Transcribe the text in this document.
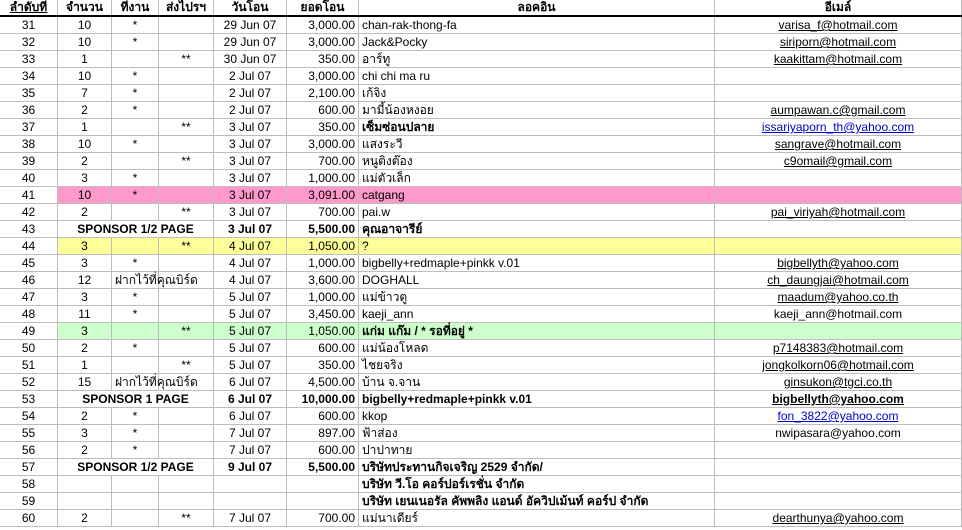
ลำดับที่	จำนวน	ที่งาน	ส่งไปรฯ	วันโอน	ยอดโอน	ลอคอิน	อีเมล์
31	10	*		29 Jun 07	3,000.00	chan-rak-thong-fa	varisa_f@hotmail.com
32	10	*		29 Jun 07	3,000.00	Jack&Pocky	siriporn@hotmail.com
33	1		**	30 Jun 07	350.00	อาร์ทู	kaakittam@hotmail.com
34	10	*		2 Jul 07	3,000.00	chi chi ma ru	
35	7	*		2 Jul 07	2,100.00	เก้จิง	
36	2	*		2 Jul 07	600.00	มามี้น้องหงอย	aumpawan.c@gmail.com
37	1		**	3 Jul 07	350.00	เซ็มซ่อนปลาย	issariyaporn_th@yahoo.com
38	10	*		3 Jul 07	3,000.00	แสงระวี	sangrave@hotmail.com
39	2		**	3 Jul 07	700.00	หนูติงต๊อง	c9omail@gmail.com
40	3	*		3 Jul 07	1,000.00	แม่ตัวเล็ก	
41	10	*		3 Jul 07	3,091.00	catgang	
42	2		**	3 Jul 07	700.00	pai.w	pai_viriyah@hotmail.com
43	SPONSOR 1/2 PAGE			3 Jul 07	5,500.00	คุณอาจารีย์	
44	3		**	4 Jul 07	1,050.00	?	
45	3	*		4 Jul 07	1,000.00	bigbelly+redmaple+pinkk v.01	bigbellyth@yahoo.com
46	12	ฝากไว้ที่คุณบิร์ด		4 Jul 07	3,600.00	DOGHALL	ch_daungjai@hotmail.com
47	3	*		5 Jul 07	1,000.00	แม่ข้าวตู	maadum@yahoo.co.th
48	11	*		5 Jul 07	3,450.00	kaeji_ann	kaeji_ann@hotmail.com
49	3		**	5 Jul 07	1,050.00	แก่ม แก๊ม / * รอที่อยู่ *	
50	2	*		5 Jul 07	600.00	แม่น้องโหลด	p7148383@hotmail.com
51	1		**	5 Jul 07	350.00	ไชยจริง	jongkolkorn06@hotmail.com
52	15	ฝากไว้ที่คุณบิร์ด		6 Jul 07	4,500.00	บ้าน จ.จาน	ginsukon@tgci.co.th
53	SPONSOR 1 PAGE			6 Jul 07	10,000.00	bigbelly+redmaple+pinkk v.01	bigbellyth@yahoo.com
54	2	*		6 Jul 07	600.00	kkop	fon_3822@yahoo.com
55	3	*		7 Jul 07	897.00	ฟ้าส่อง	nwipasara@yahoo.com
56	2	*		7 Jul 07	600.00	ปาปาทาย	
57	SPONSOR 1/2 PAGE			9 Jul 07	5,500.00	บริษัทประทานกิจเจริญ 2529 จำกัด/	
58						บริษัท วี.โอ คอร์ปอร์เรชั่น จำกัด	
59						บริษัท เยนเนอรัล คัพพลิง แอนด์ อัควิปเม้นท์ คอร์ป จำกัด	
60	2		**	7 Jul 07	700.00	แม่นาเดียร์	dearthunya@yahoo.com
